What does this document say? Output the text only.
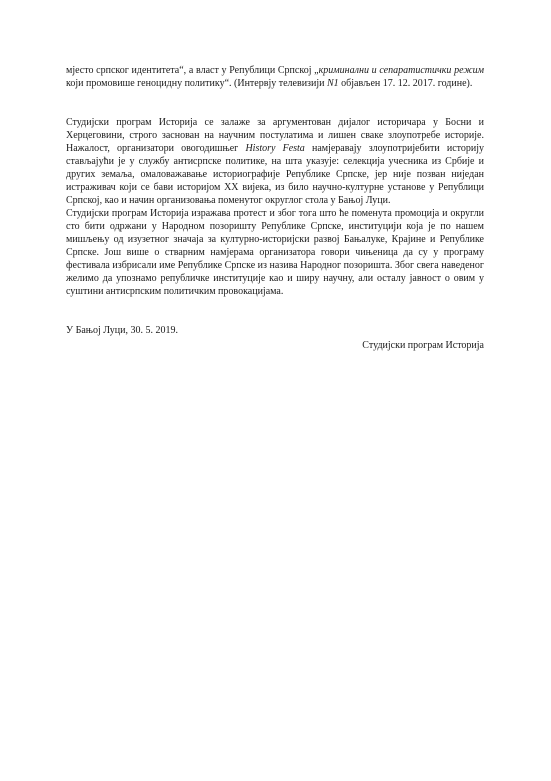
мјесто српског идентитета“, а власт у Републици Српској „криминални и сепаратистички режим који промовише геноцидну политику“. (Интервју телевизији N1 објављен 17. 12. 2017. године).

Студијски програм Историја се залаже за аргументован дијалог историчара у Босни и Херцеговини, строго заснован на научним постулатима и лишен сваке злоупотребе историје. Нажалост, организатори овогодишњег History Festa намјеравају злоупотријебити историју стављајући је у службу антисрпске политике, на шта указује: селекција учесника из Србије и других земаља, омаловажавање историографије Републике Српске, јер није позван ниједан истраживач који се бави историјом XX вијека, из било научно-културне установе у Републици Српској, као и начин организовања поменутог округлог стола у Бањој Луци.

Студијски програм Историја изражава протест и због тога што ће поменута промоција и округли сто бити одржани у Народном позоришту Републике Српске, институцији која је по нашем мишљењу од изузетног значаја за културно-историјски развој Бањалуке, Крајине и Републике Српске. Још више о стварним намјерама организатора говори чињеница да су у програму фестивала избрисали име Републике Српске из назива Народног позоришта. Због свега наведеног желимо да упознамо републичке институције као и ширу научну, али осталу јавност о овим у суштини антисрпским политичким провокацијама.

У Бањој Луци, 30. 5. 2019.

Студијски програм Историја
